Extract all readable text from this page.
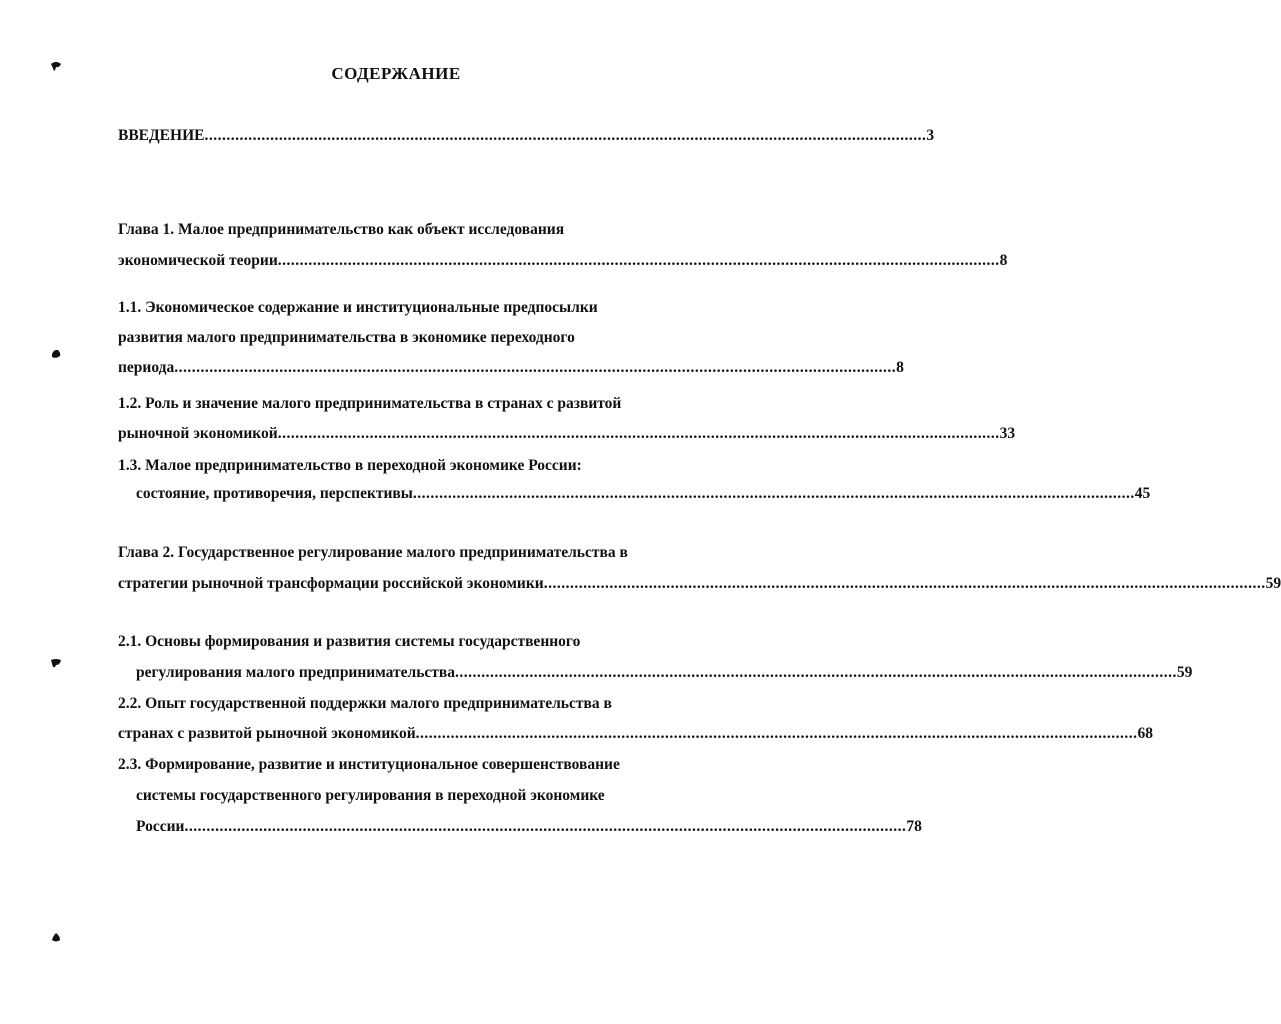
СОДЕРЖАНИЕ
ВВЕДЕНИЕ ..................................................................................................................................................................... 3
Глава 1. Малое предпринимательство как объект исследования
экономической теории ..................................................................................................................................................................... 8
1.1. Экономическое содержание и институциональные предпосылки
развития малого предпринимательства в экономике переходного
периода ..................................................................................................................................................................... 8
1.2. Роль и значение малого предпринимательства в странах с развитой
рыночной экономикой ..................................................................................................................................................................... 33
1.3. Малое предпринимательство в переходной экономике России:
состояние, противоречия, перспективы ..................................................................................................................................................................... 45
Глава 2. Государственное регулирование малого предпринимательства в
стратегии рыночной трансформации российской экономики ..................................................................................................................................................................... 59
2.1. Основы формирования и развития системы государственного
регулирования малого предпринимательства ..................................................................................................................................................................... 59
2.2. Опыт государственной поддержки малого предпринимательства в
странах с развитой рыночной экономикой ..................................................................................................................................................................... 68
2.3. Формирование, развитие и институциональное совершенствование
системы государственного регулирования в переходной экономике
России ..................................................................................................................................................................... 78
